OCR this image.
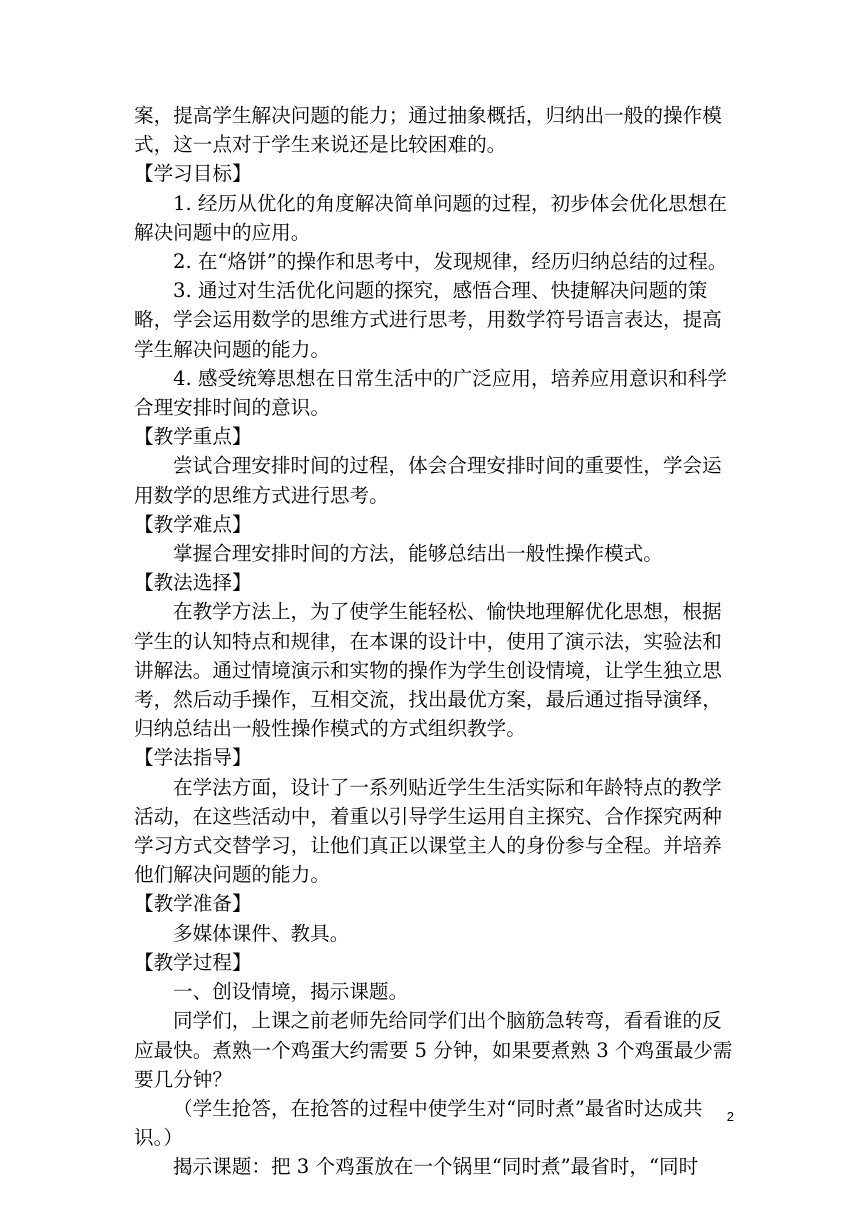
案，提高学生解决问题的能力；通过抽象概括，归纳出一般的操作模式，这一点对于学生来说还是比较困难的。

【学习目标】

1. 经历从优化的角度解决简单问题的过程，初步体会优化思想在解决问题中的应用。

2. 在“烙饼”的操作和思考中，发现规律，经历归纳总结的过程。

3. 通过对生活优化问题的探究，感悟合理、快捷解决问题的策略，学会运用数学的思维方式进行思考，用数学符号语言表达，提高学生解决问题的能力。

4. 感受统筹思想在日常生活中的广泛应用，培养应用意识和科学合理安排时间的意识。

【教学重点】

尝试合理安排时间的过程，体会合理安排时间的重要性，学会运用数学的思维方式进行思考。

【教学难点】

掌握合理安排时间的方法，能够总结出一般性操作模式。

【教法选择】

在教学方法上，为了使学生能轻松、愉快地理解优化思想，根据学生的认知特点和规律，在本课的设计中，使用了演示法，实验法和讲解法。通过情境演示和实物的操作为学生创设情境，让学生独立思考，然后动手操作，互相交流，找出最优方案，最后通过指导演绎，归纳总结出一般性操作模式的方式组织教学。

【学法指导】

在学法方面，设计了一系列贴近学生生活实际和年龄特点的教学活动，在这些活动中，着重以引导学生运用自主探究、合作探究两种学习方式交替学习，让他们真正以课堂主人的身份参与全程。并培养他们解决问题的能力。

【教学准备】

多媒体课件、教具。

【教学过程】

一、创设情境，揭示课题。

同学们，上课之前老师先给同学们出个脑筋急转弯，看看谁的反应最快。煮熟一个鸡蛋大约需要 5 分钟，如果要煮熟 3 个鸡蛋最少需要几分钟？

（学生抢答，在抢答的过程中使学生对“同时煮”最省时达成共识。）

揭示课题：把 3 个鸡蛋放在一个锅里“同时煮”最省时，“同时

2
